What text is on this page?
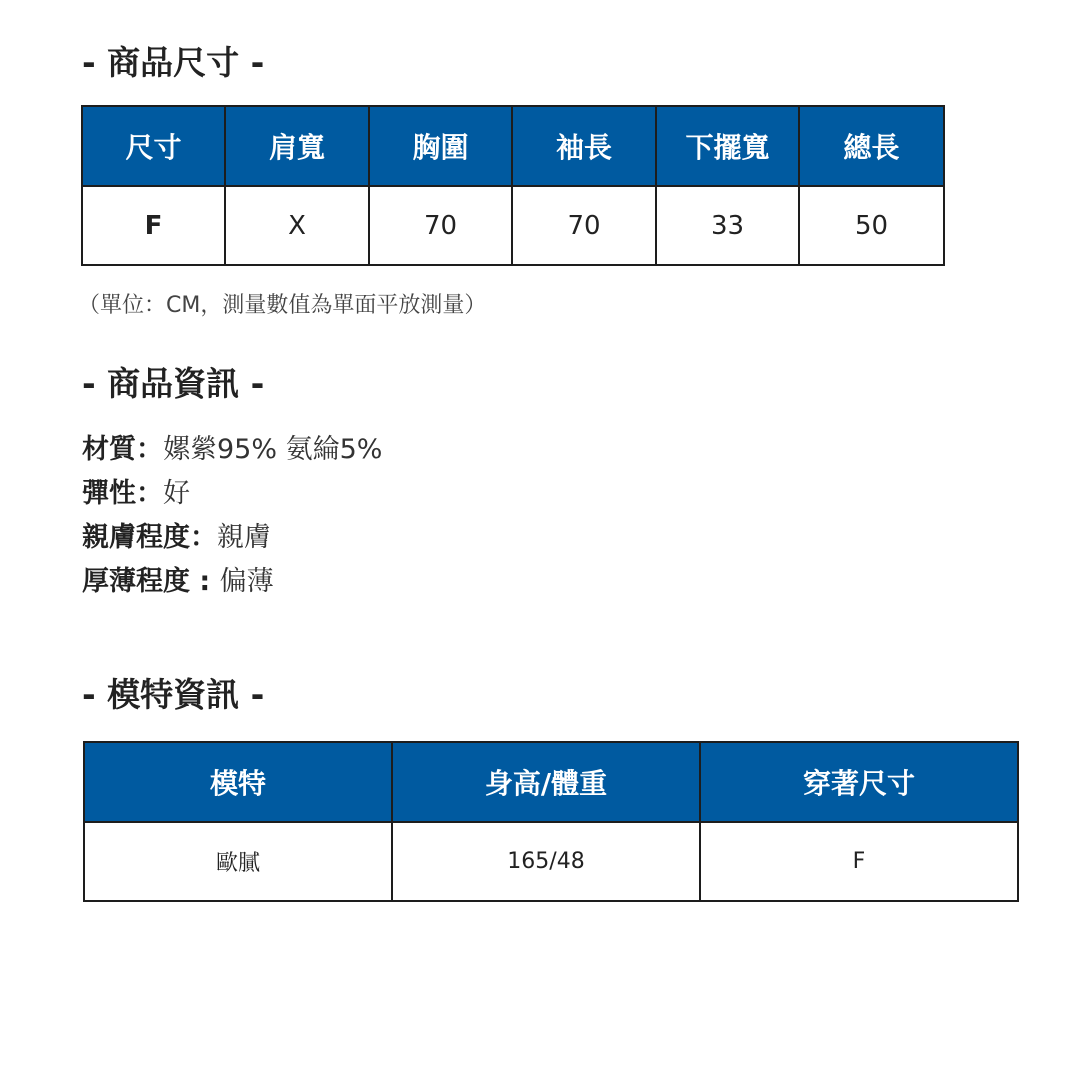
- 商品尺寸 -
尺寸	肩寬	胸圍	袖長	下擺寬	總長
F	X	70	70	33	50
（單位：CM，測量數值為單面平放測量）
- 商品資訊 -
材質：嫘縈95% 氨綸5%
彈性：好
親膚程度：親膚
厚薄程度 : 偏薄
- 模特資訊 -
模特	身高/體重	穿著尺寸
歐膩	165/48	F
